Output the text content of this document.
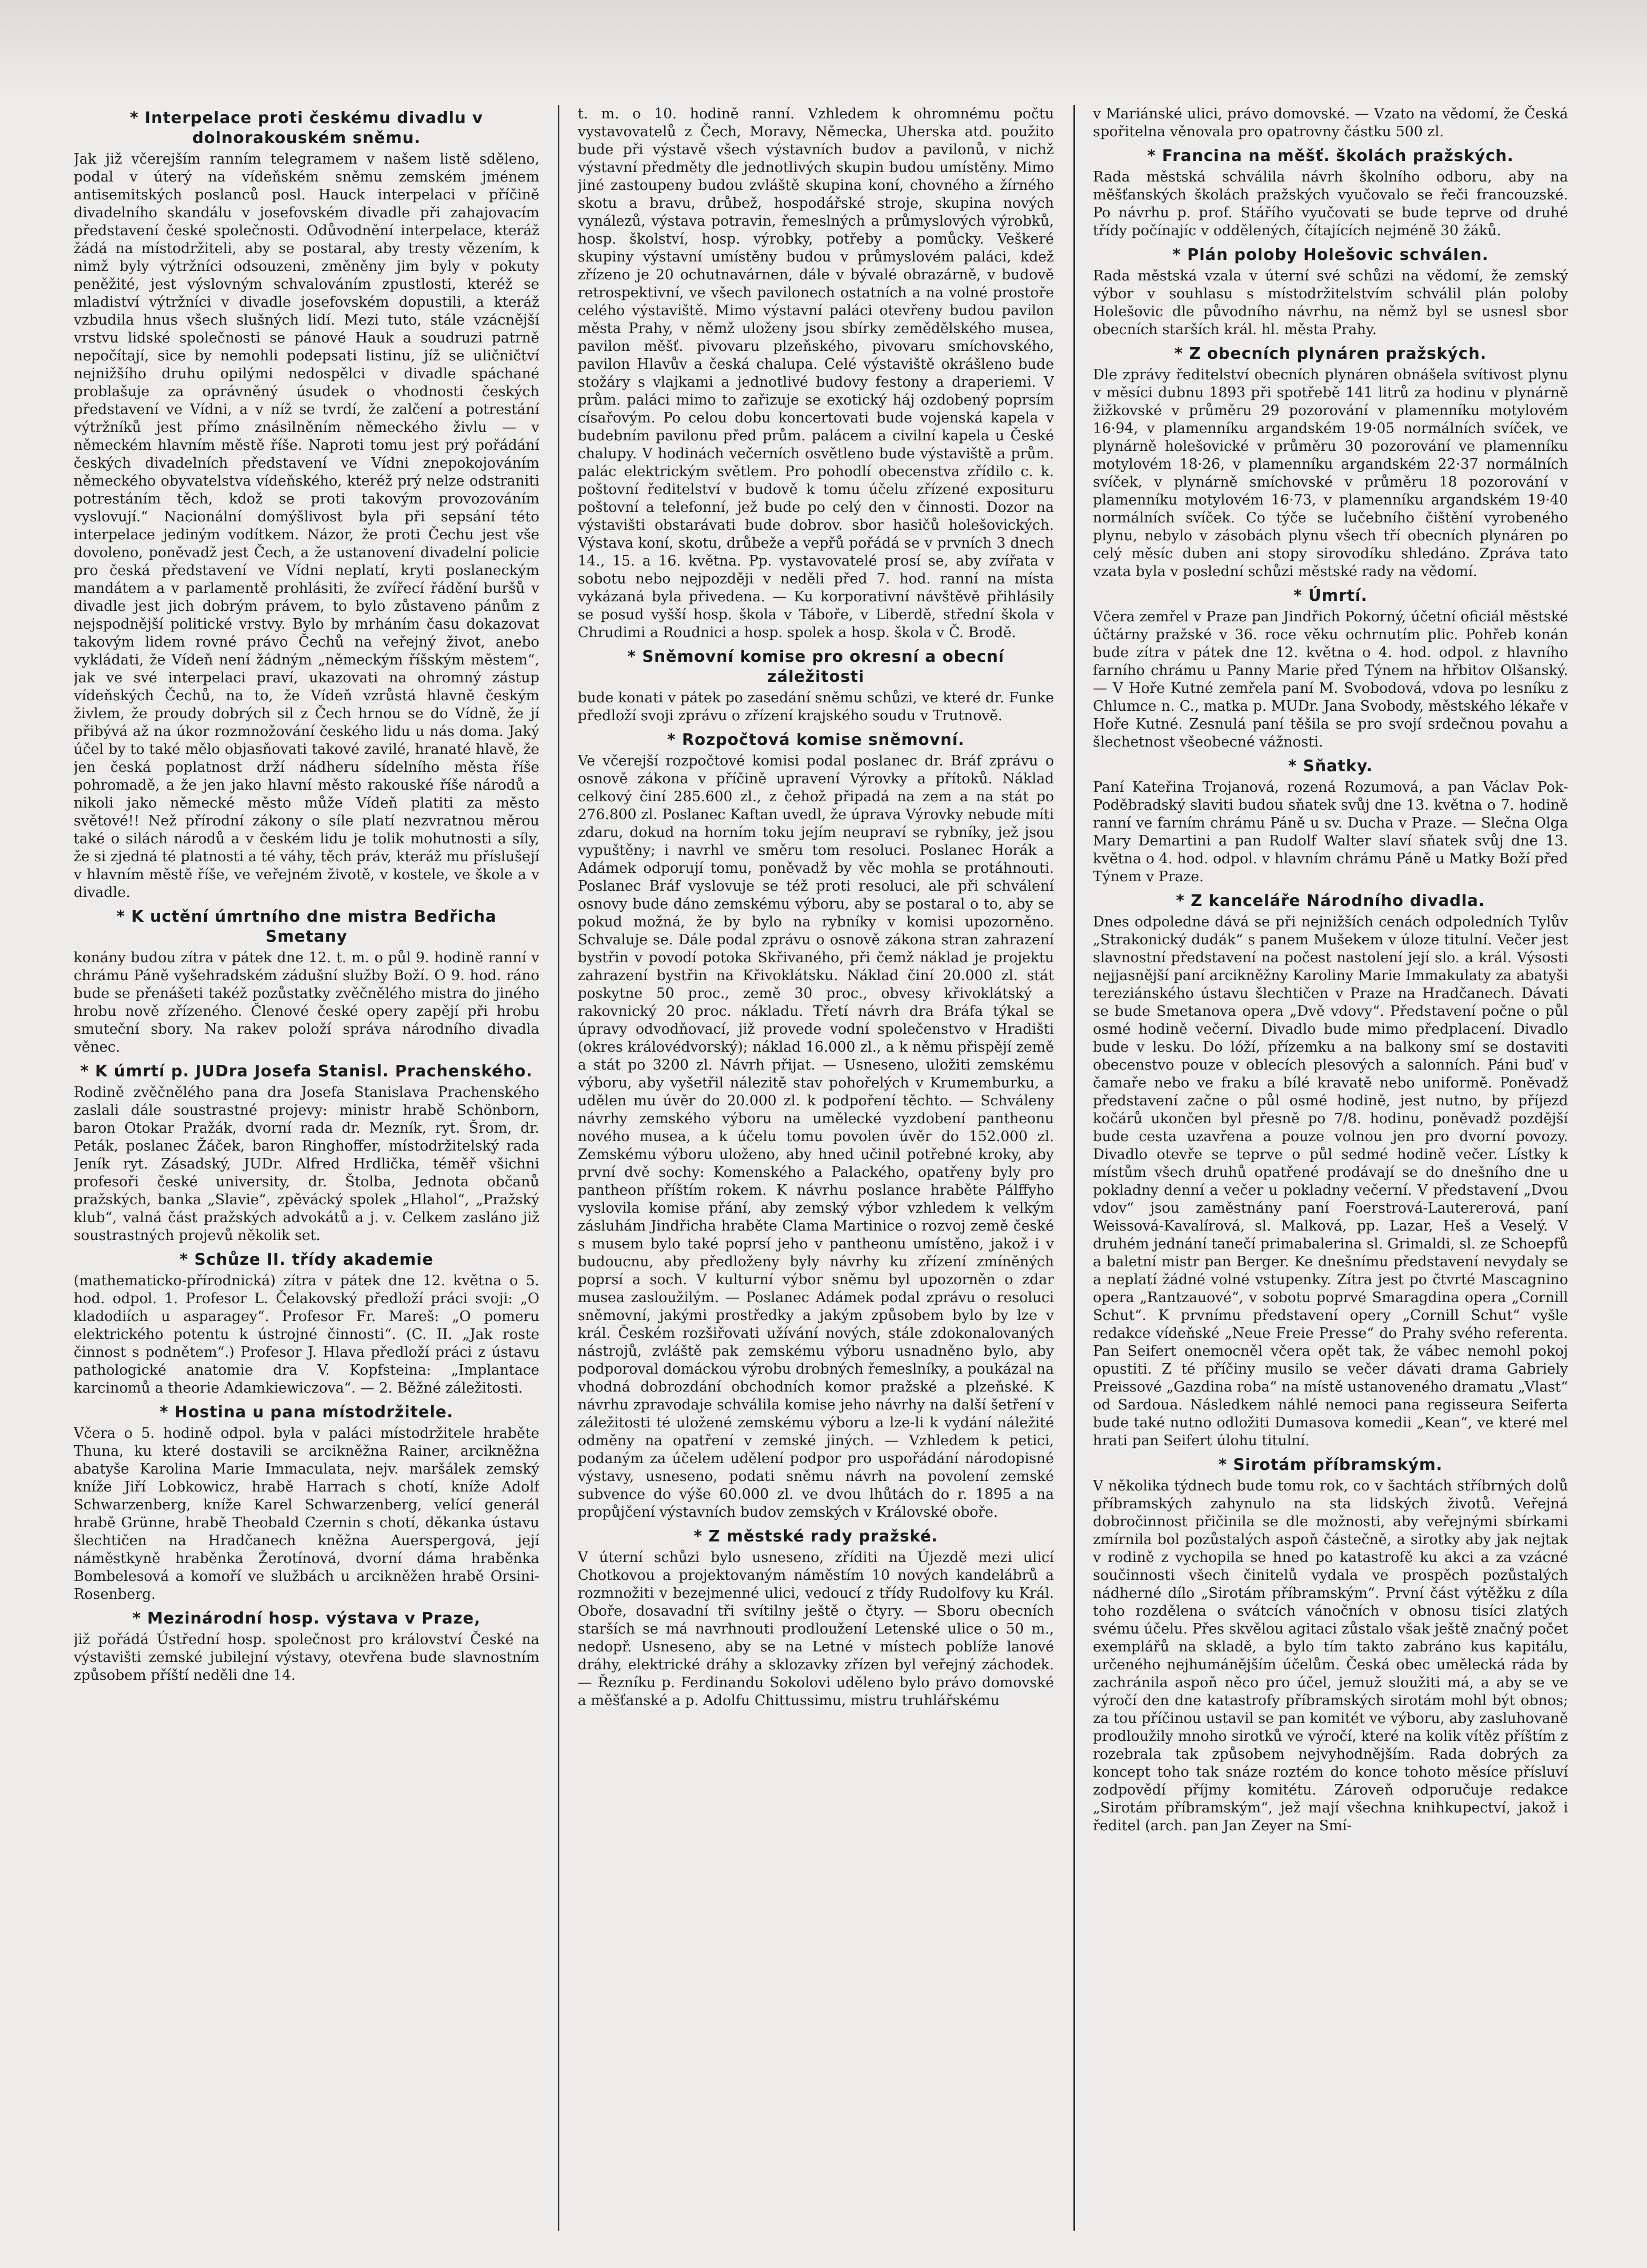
* Interpelace proti českému divadlu v dolnorakouském sněmu.

Jak již včerejším ranním telegramem v našem listě sděleno, podal v úterý na vídeňském sněmu zemském jménem antisemitských poslanců posl. Hauck interpelaci v příčině divadelního skandálu v josefovském divadle při zahajovacím představení české společnosti. Odůvodnění interpelace, kteráž žádá na místodržiteli, aby se postaral, aby tresty vězením, k nimž byly výtržníci odsouzeni, změněny jim byly v pokuty peněžité, jest výslovným schvalováním zpustlosti, kteréž se mladiství výtržníci v divadle josefovském dopustili, a kteráž vzbudila hnus všech slušných lidí. Mezi tuto, stále vzácnější vrstvu lidské společnosti se pánové Hauk a soudruzi patrně nepočítají, sice by nemohli podepsati listinu, jíž se uličničtví nejnižšího druhu opilými nedospělci v divadle spáchané problašuje za oprávněný úsudek o vhodnosti českých představení ve Vídni, a v níž se tvrdí, že zalčení a potrestání výtržníků jest přímo znásilněním německého živlu — v německém hlavním městě říše. Naproti tomu jest prý pořádání českých divadelních představení ve Vídni znepokojováním německého obyvatelstva vídeňského, kteréž prý nelze odstraniti potrestáním těch, kdož se proti takovým provozováním vyslovují.“ Nacionální domýšlivost byla při sepsání této interpelace jediným vodítkem. Názor, že proti Čechu jest vše dovoleno, poněvadž jest Čech, a že ustanovení divadelní policie pro česká představení ve Vídni neplatí, kryti poslaneckým mandátem a v parlamentě prohlásiti, že zvířecí řádění buršů v divadle jest jich dobrým právem, to bylo zůstaveno pánům z nejspodnější politické vrstvy. Bylo by mrháním času dokazovat takovým lidem rovné právo Čechů na veřejný život, anebo vykládati, že Vídeň není žádným „německým říšským městem“, jak ve své interpelaci praví, ukazovati na ohromný zástup vídeňských Čechů, na to, že Vídeň vzrůstá hlavně českým živlem, že proudy dobrých sil z Čech hrnou se do Vídně, že jí přibývá až na úkor rozmnožování českého lidu u nás doma. Jaký účel by to také mělo objasňovati takové zavilé, hranaté hlavě, že jen česká poplatnost drží nádheru sídelního města říše pohromadě, a že jen jako hlavní město rakouské říše národů a nikoli jako německé město může Vídeň platiti za město světové!! Než přírodní zákony o síle platí nezvratnou měrou také o silách národů a v českém lidu je tolik mohutnosti a síly, že si zjedná té platnosti a té váhy, těch práv, kteráž mu příslušejí v hlavním městě říše, ve veřejném životě, v kostele, ve škole a v divadle.

* K uctění úmrtního dne mistra Bedřicha Smetany

konány budou zítra v pátek dne 12. t. m. o půl 9. hodině ranní v chrámu Páně vyšehradském zádušní služby Boží. O 9. hod. ráno bude se přenášeti takéž pozůstatky zvěčnělého mistra do jiného hrobu nově zřízeného. Členové české opery zapějí při hrobu smuteční sbory. Na rakev položí správa národního divadla věnec.

* K úmrtí p. JUDra Josefa Stanisl. Prachenského.

Rodině zvěčnělého pana dra Josefa Stanislava Prachenského zaslali dále soustrastné projevy: ministr hrabě Schönborn, baron Otokar Pražák, dvorní rada dr. Mezník, ryt. Šrom, dr. Peták, poslanec Žáček, baron Ringhoffer, místodržitelský rada Jeník ryt. Zásadský, JUDr. Alfred Hrdlička, téměř všichni profesoři české university, dr. Štolba, Jednota občanů pražských, banka „Slavie“, zpěvácký spolek „Hlahol“, „Pražský klub“, valná část pražských advokátů a j. v. Celkem zasláno již soustrastných projevů několik set.

* Schůze II. třídy akademie

(mathematicko-přírodnická) zítra v pátek dne 12. května o 5. hod. odpol. 1. Profesor L. Čelakovský předloží práci svoji: „O kladodiích u asparagey“. Profesor Fr. Mareš: „O pomeru elektrického potentu k ústrojné činnosti“. (C. II. „Jak roste činnost s podnětem“.) Profesor J. Hlava předloží práci z ústavu pathologické anatomie dra V. Kopfsteina: „Implantace karcinomů a theorie Adamkiewiczova“. — 2. Běžné záležitosti.

* Hostina u pana místodržitele.

Včera o 5. hodině odpol. byla v paláci místodržitele hraběte Thuna, ku které dostavili se arcikněžna Rainer, arcikněžna abatyše Karolina Marie Immaculata, nejv. maršálek zemský kníže Jiří Lobkowicz, hrabě Harrach s chotí, kníže Adolf Schwarzenberg, kníže Karel Schwarzenberg, velící generál hrabě Grünne, hrabě Theobald Czernin s chotí, děkanka ústavu šlechtičen na Hradčanech kněžna Auerspergová, její náměstkyně hraběnka Žerotínová, dvorní dáma hraběnka Bombelesová a komoří ve službách u arcikněžen hrabě Orsini-Rosenberg.

* Mezinárodní hosp. výstava v Praze,

již pořádá Ústřední hosp. společnost pro království České na výstavišti zemské jubilejní výstavy, otevřena bude slavnostním způsobem příští neděli dne 14.

t. m. o 10. hodině ranní. Vzhledem k ohromnému počtu vystavovatelů z Čech, Moravy, Německa, Uherska atd. použito bude při výstavě všech výstavních budov a pavilonů, v nichž výstavní předměty dle jednotlivých skupin budou umístěny. Mimo jiné zastoupeny budou zvláště skupina koní, chovného a žírného skotu a bravu, drůbež, hospodářské stroje, skupina nových vynálezů, výstava potravin, řemeslných a průmyslových výrobků, hosp. školství, hosp. výrobky, potřeby a pomůcky. Veškeré skupiny výstavní umístěny budou v průmyslovém paláci, kdež zřízeno je 20 ochutnavárnen, dále v bývalé obrazárně, v budově retrospektivní, ve všech pavilonech ostatních a na volné prostoře celého výstaviště. Mimo výstavní paláci otevřeny budou pavilon města Prahy, v němž uloženy jsou sbírky zemědělského musea, pavilon měšť. pivovaru plzeňského, pivovaru smíchovského, pavilon Hlavův a česká chalupa. Celé výstaviště okrášleno bude stožáry s vlajkami a jednotlivé budovy festony a draperiemi. V prům. paláci mimo to zařizuje se exotický háj ozdobený poprsím císařovým. Po celou dobu koncertovati bude vojenská kapela v budebním pavilonu před prům. palácem a civilní kapela u České chalupy. V hodinách večerních osvětleno bude výstaviště a prům. palác elektrickým světlem. Pro pohodlí obecenstva zřídilo c. k. poštovní ředitelství v budově k tomu účelu zřízené exposituru poštovní a telefonní, jež bude po celý den v činnosti. Dozor na výstavišti obstarávati bude dobrov. sbor hasičů holešovických. Výstava koní, skotu, drůbeže a vepřů pořádá se v prvních 3 dnech 14., 15. a 16. května. Pp. vystavovatelé prosí se, aby zvířata v sobotu nebo nejpozději v neděli před 7. hod. ranní na místa vykázaná byla přivedena. — Ku korporativní návštěvě přihlásily se posud vyšší hosp. škola v Táboře, v Liberdě, střední škola v Chrudimi a Roudnici a hosp. spolek a hosp. škola v Č. Brodě.

* Sněmovní komise pro okresní a obecní záležitosti

bude konati v pátek po zasedání sněmu schůzi, ve které dr. Funke předloží svoji zprávu o zřízení krajského soudu v Trutnově.

* Rozpočtová komise sněmovní.

Ve včerejší rozpočtové komisi podal poslanec dr. Bráf zprávu o osnově zákona v příčině upravení Výrovky a přítoků. Náklad celkový činí 285.600 zl., z čehož připadá na zem a na stát po 276.800 zl. Poslanec Kaftan uvedl, že úprava Výrovky nebude míti zdaru, dokud na horním toku jejím neupraví se rybníky, jež jsou vypuštěny; i navrhl ve směru tom resoluci. Poslanec Horák a Adámek odporují tomu, poněvadž by věc mohla se protáhnouti. Poslanec Bráf vyslovuje se též proti resoluci, ale při schválení osnovy bude dáno zemskému výboru, aby se postaral o to, aby se pokud možná, že by bylo na rybníky v komisi upozorněno. Schvaluje se. Dále podal zprávu o osnově zákona stran zahrazení bystřin v povodí potoka Skřivaného, při čemž náklad je projektu zahrazení bystřin na Křivoklátsku. Náklad činí 20.000 zl. stát poskytne 50 proc., země 30 proc., obvesy křivoklátský a rakovnický 20 proc. nákladu. Třetí návrh dra Bráfa týkal se úpravy odvodňovací, již provede vodní společenstvo v Hradišti (okres královédvorský); náklad 16.000 zl., a k němu přispějí země a stát po 3200 zl. Návrh přijat. — Usneseno, uložiti zemskému výboru, aby vyšetřil nálezitě stav pohořelých v Krumemburku, a udělen mu úvěr do 20.000 zl. k podpoření těchto. — Schváleny návrhy zemského výboru na umělecké vyzdobení pantheonu nového musea, a k účelu tomu povolen úvěr do 152.000 zl. Zemskému výboru uloženo, aby hned učinil potřebné kroky, aby první dvě sochy: Komenského a Palackého, opatřeny byly pro pantheon příštím rokem. K návrhu poslance hraběte Pálffyho vyslovila komise přání, aby zemský výbor vzhledem k velkým zásluhám Jindřicha hraběte Clama Martinice o rozvoj země české s musem bylo také poprsí jeho v pantheonu umístěno, jakož i v budoucnu, aby předloženy byly návrhy ku zřízení zmíněných poprsí a soch. V kulturní výbor sněmu byl upozorněn o zdar musea zasloužilým. — Poslanec Adámek podal zprávu o resoluci sněmovní, jakými prostředky a jakým způsobem bylo by lze v král. Českém rozšiřovati užívání nových, stále zdokonalovaných nástrojů, zvláště pak zemskému výboru usnadněno bylo, aby podporoval domáckou výrobu drobných řemeslníky, a poukázal na vhodná dobrozdání obchodních komor pražské a plzeňské. K návrhu zpravodaje schválila komise jeho návrhy na další šetření v záležitosti té uložené zemskému výboru a lze-li k vydání náležité odměny na opatření v zemské jiných. — Vzhledem k petici, podaným za účelem udělení podpor pro uspořádání národopisné výstavy, usneseno, podati sněmu návrh na povolení zemské subvence do výše 60.000 zl. ve dvou lhůtách do r. 1895 a na propůjčení výstavních budov zemských v Královské oboře.

* Z městské rady pražské.

V úterní schůzi bylo usneseno, zříditi na Újezdě mezi ulicí Chotkovou a projektovaným náměstím 10 nových kandelábrů a rozmnožiti v bezejmenné ulici, vedoucí z třídy Rudolfovy ku Král. Oboře, dosavadní tři svítilny ještě o čtyry. — Sboru obecních starších se má navrhnouti prodloužení Letenské ulice o 50 m., nedopř. Usneseno, aby se na Letné v místech poblíže lanové dráhy, elektrické dráhy a sklozavky zřízen byl veřejný záchodek. — Řezníku p. Ferdinandu Sokolovi uděleno bylo právo domovské a měšťanské a p. Adolfu Chittussimu, mistru truhlářskému

v Mariánské ulici, právo domovské. — Vzato na vědomí, že Česká spořitelna věnovala pro opatrovny částku 500 zl.

* Francina na měšť. školách pražských.

Rada městská schválila návrh školního odboru, aby na měšťanských školách pražských vyučovalo se řeči francouzské. Po návrhu p. prof. Stářího vyučovati se bude teprve od druhé třídy počínajíc v oddělených, čítajících nejméně 30 žáků.

* Plán poloby Holešovic schválen.

Rada městská vzala v úterní své schůzi na vědomí, že zemský výbor v souhlasu s místodržitelstvím schválil plán poloby Holešovic dle původního návrhu, na němž byl se usnesl sbor obecních starších král. hl. města Prahy.

* Z obecních plynáren pražských.

Dle zprávy ředitelství obecních plynáren obnášela svítivost plynu v měsíci dubnu 1893 při spotřebě 141 litrů za hodinu v plynárně žižkovské v průměru 29 pozorování v plamenníku motylovém 16·94, v plamenníku argandském 19·05 normálních svíček, ve plynárně holešovické v průměru 30 pozorování ve plamenníku motylovém 18·26, v plamenníku argandském 22·37 normálních svíček, v plynárně smíchovské v průměru 18 pozorování v plamenníku motylovém 16·73, v plamenníku argandském 19·40 normálních svíček. Co týče se lučebního čištění vyrobeného plynu, nebylo v zásobách plynu všech tří obecních plynáren po celý měsíc duben ani stopy sirovodíku shledáno. Zpráva tato vzata byla v poslední schůzi městské rady na vědomí.

* Úmrtí.

Včera zemřel v Praze pan Jindřich Pokorný, účetní oficiál městské účtárny pražské v 36. roce věku ochrnutím plic. Pohřeb konán bude zítra v pátek dne 12. května o 4. hod. odpol. z hlavního farního chrámu u Panny Marie před Týnem na hřbitov Olšanský. — V Hoře Kutné zemřela paní M. Svobodová, vdova po lesníku z Chlumce n. C., matka p. MUDr. Jana Svobody, městského lékaře v Hoře Kutné. Zesnulá paní těšila se pro svojí srdečnou povahu a šlechetnost všeobecné vážnosti.

* Sňatky.

Paní Kateřina Trojanová, rozená Rozumová, a pan Václav Pok-Poděbradský slaviti budou sňatek svůj dne 13. května o 7. hodině ranní ve farním chrámu Páně u sv. Ducha v Praze. — Slečna Olga Mary Demartini a pan Rudolf Walter slaví sňatek svůj dne 13. května o 4. hod. odpol. v hlavním chrámu Páně u Matky Boží před Týnem v Praze.

* Z kanceláře Národního divadla.

Dnes odpoledne dává se při nejnižších cenách odpoledních Tylův „Strakonický dudák“ s panem Mušekem v úloze titulní. Večer jest slavnostní představení na počest nastolení její slo. a král. Výsosti nejjasnější paní arcikněžny Karoliny Marie Immakulaty za abatyši tereziánského ústavu šlechtičen v Praze na Hradčanech. Dávati se bude Smetanova opera „Dvě vdovy“. Představení počne o půl osmé hodině večerní. Divadlo bude mimo předplacení. Divadlo bude v lesku. Do lóží, přízemku a na balkony smí se dostaviti obecenstvo pouze v oblecích plesových a salonních. Páni buď v čamaře nebo ve fraku a bílé kravatě nebo uniformě. Poněvadž představení začne o půl osmé hodině, jest nutno, by příjezd kočárů ukončen byl přesně po 7/8. hodinu, poněvadž pozdější bude cesta uzavřena a pouze volnou jen pro dvorní povozy. Divadlo otevře se teprve o půl sedmé hodině večer. Lístky k místům všech druhů opatřené prodávají se do dnešního dne u pokladny denní a večer u pokladny večerní. V představení „Dvou vdov“ jsou zaměstnány paní Foerstrová-Lautererová, paní Weissová-Kavalírová, sl. Malková, pp. Lazar, Heš a Veselý. V druhém jednání tanečí primabalerina sl. Grimaldi, sl. ze Schoepfů a baletní mistr pan Berger. Ke dnešnímu představení nevydaly se a neplatí žádné volné vstupenky. Zítra jest po čtvrté Mascagnino opera „Rantzauové“, v sobotu poprvé Smaragdina opera „Cornill Schut“. K prvnímu představení opery „Cornill Schut“ vyšle redakce vídeňské „Neue Freie Presse“ do Prahy svého referenta. Pan Seifert onemocněl včera opět tak, že vábec nemohl pokoj opustiti. Z té příčiny musilo se večer dávati drama Gabriely Preissové „Gazdina roba“ na místě ustanoveného dramatu „Vlast“ od Sardoua. Následkem náhlé nemoci pana regisseura Seiferta bude také nutno odložiti Dumasova komedii „Kean“, ve které mel hrati pan Seifert úlohu titulní.

* Sirotám příbramským.

V několika týdnech bude tomu rok, co v šachtách stříbrných dolů příbramských zahynulo na sta lidských životů. Veřejná dobročinnost přičinila se dle možnosti, aby veřejnými sbírkami zmírnila bol pozůstalých aspoň částečně, a sirotky aby jak nejtak v rodině z vychopila se hned po katastrofě ku akci a za vzácné součinnosti všech činitelů vydala ve prospěch pozůstalých nádherné dílo „Sirotám příbramským“. První část výtěžku z díla toho rozdělena o svátcích vánočních v obnosu tisíci zlatých svému účelu. Přes skvělou agitaci zůstalo však ještě značný počet exemplářů na skladě, a bylo tím takto zabráno kus kapitálu, určeného nejhumánějším účelům. Česká obec umělecká ráda by zachránila aspoň něco pro účel, jemuž sloužiti má, a aby se ve výročí den dne katastrofy příbramských sirotám mohl být obnos; za tou příčinou ustavil se pan komitét ve výboru, aby zasluhovaně prodloužily mnoho sirotků ve výročí, které na kolik vítěz příštím z rozebrala tak způsobem nejvyhodnějším. Rada dobrých za koncept toho tak snáze roztém do konce tohoto měsíce přísluví zodpovědí příjmy komitétu. Zároveň odporučuje redakce „Sirotám příbramským“, jež mají všechna knihkupectví, jakož i ředitel (arch. pan Jan Zeyer na Smí-
